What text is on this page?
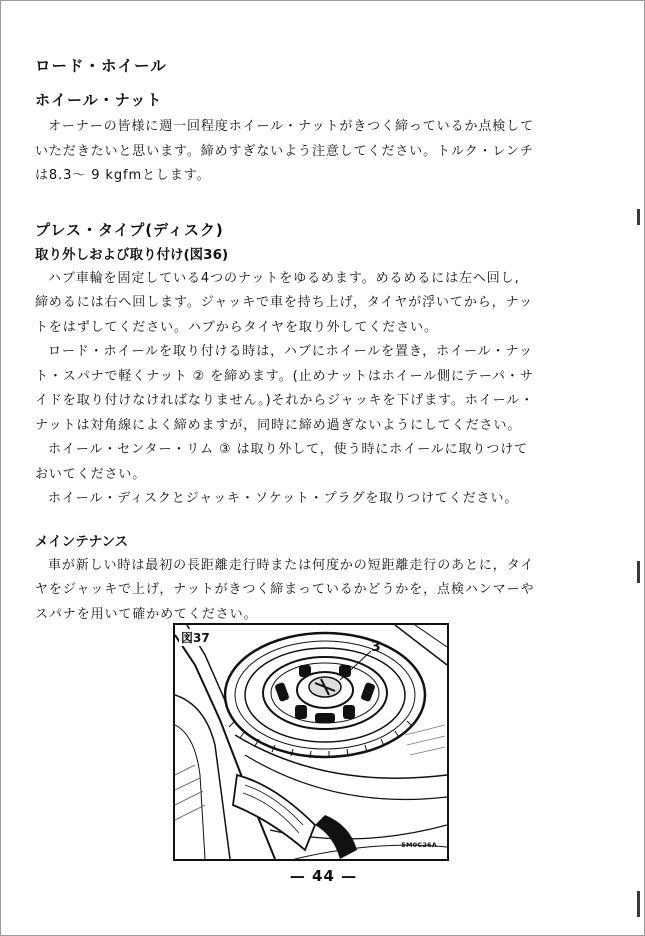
ロード・ホイール
ホイール・ナット

オーナーの皆様に週一回程度ホイール・ナットがきつく締っているか点検して
いただきたいと思います。締めすぎないよう注意してください。トルク・レンチ
は8.3～ 9 kgfmとします。

プレス・タイプ(ディスク)
取り外しおよび取り付け(図36)

ハブ車輪を固定している4つのナットをゆるめます。めるめるには左へ回し,
締めるには右へ回します。ジャッキで車を持ち上げ，タイヤが浮いてから，ナッ
トをはずしてください。ハブからタイヤを取り外してください。

ロード・ホイールを取り付ける時は，ハブにホイールを置き，ホイール・ナッ
ト・スパナで軽くナット ② を締めます。(止めナットはホイール側にテーパ・サ
イドを取り付けなければなりません。)それからジャッキを下げます。ホイール・
ナットは対角線によく締めますが，同時に締め過ぎないようにしてください。

ホイール・センター・リム ③ は取り外して，使う時にホイールに取りつけて
おいてください。

ホイール・ディスクとジャッキ・ソケット・プラグを取りつけてください。

メインテナンス

車が新しい時は最初の長距離走行時または何度かの短距離走行のあとに，タイ
ヤをジャッキで上げ，ナットがきつく締まっているかどうかを，点検ハンマーや
スパナを用いて確かめてください。

図37
3
5M0C26A
— 44 —
